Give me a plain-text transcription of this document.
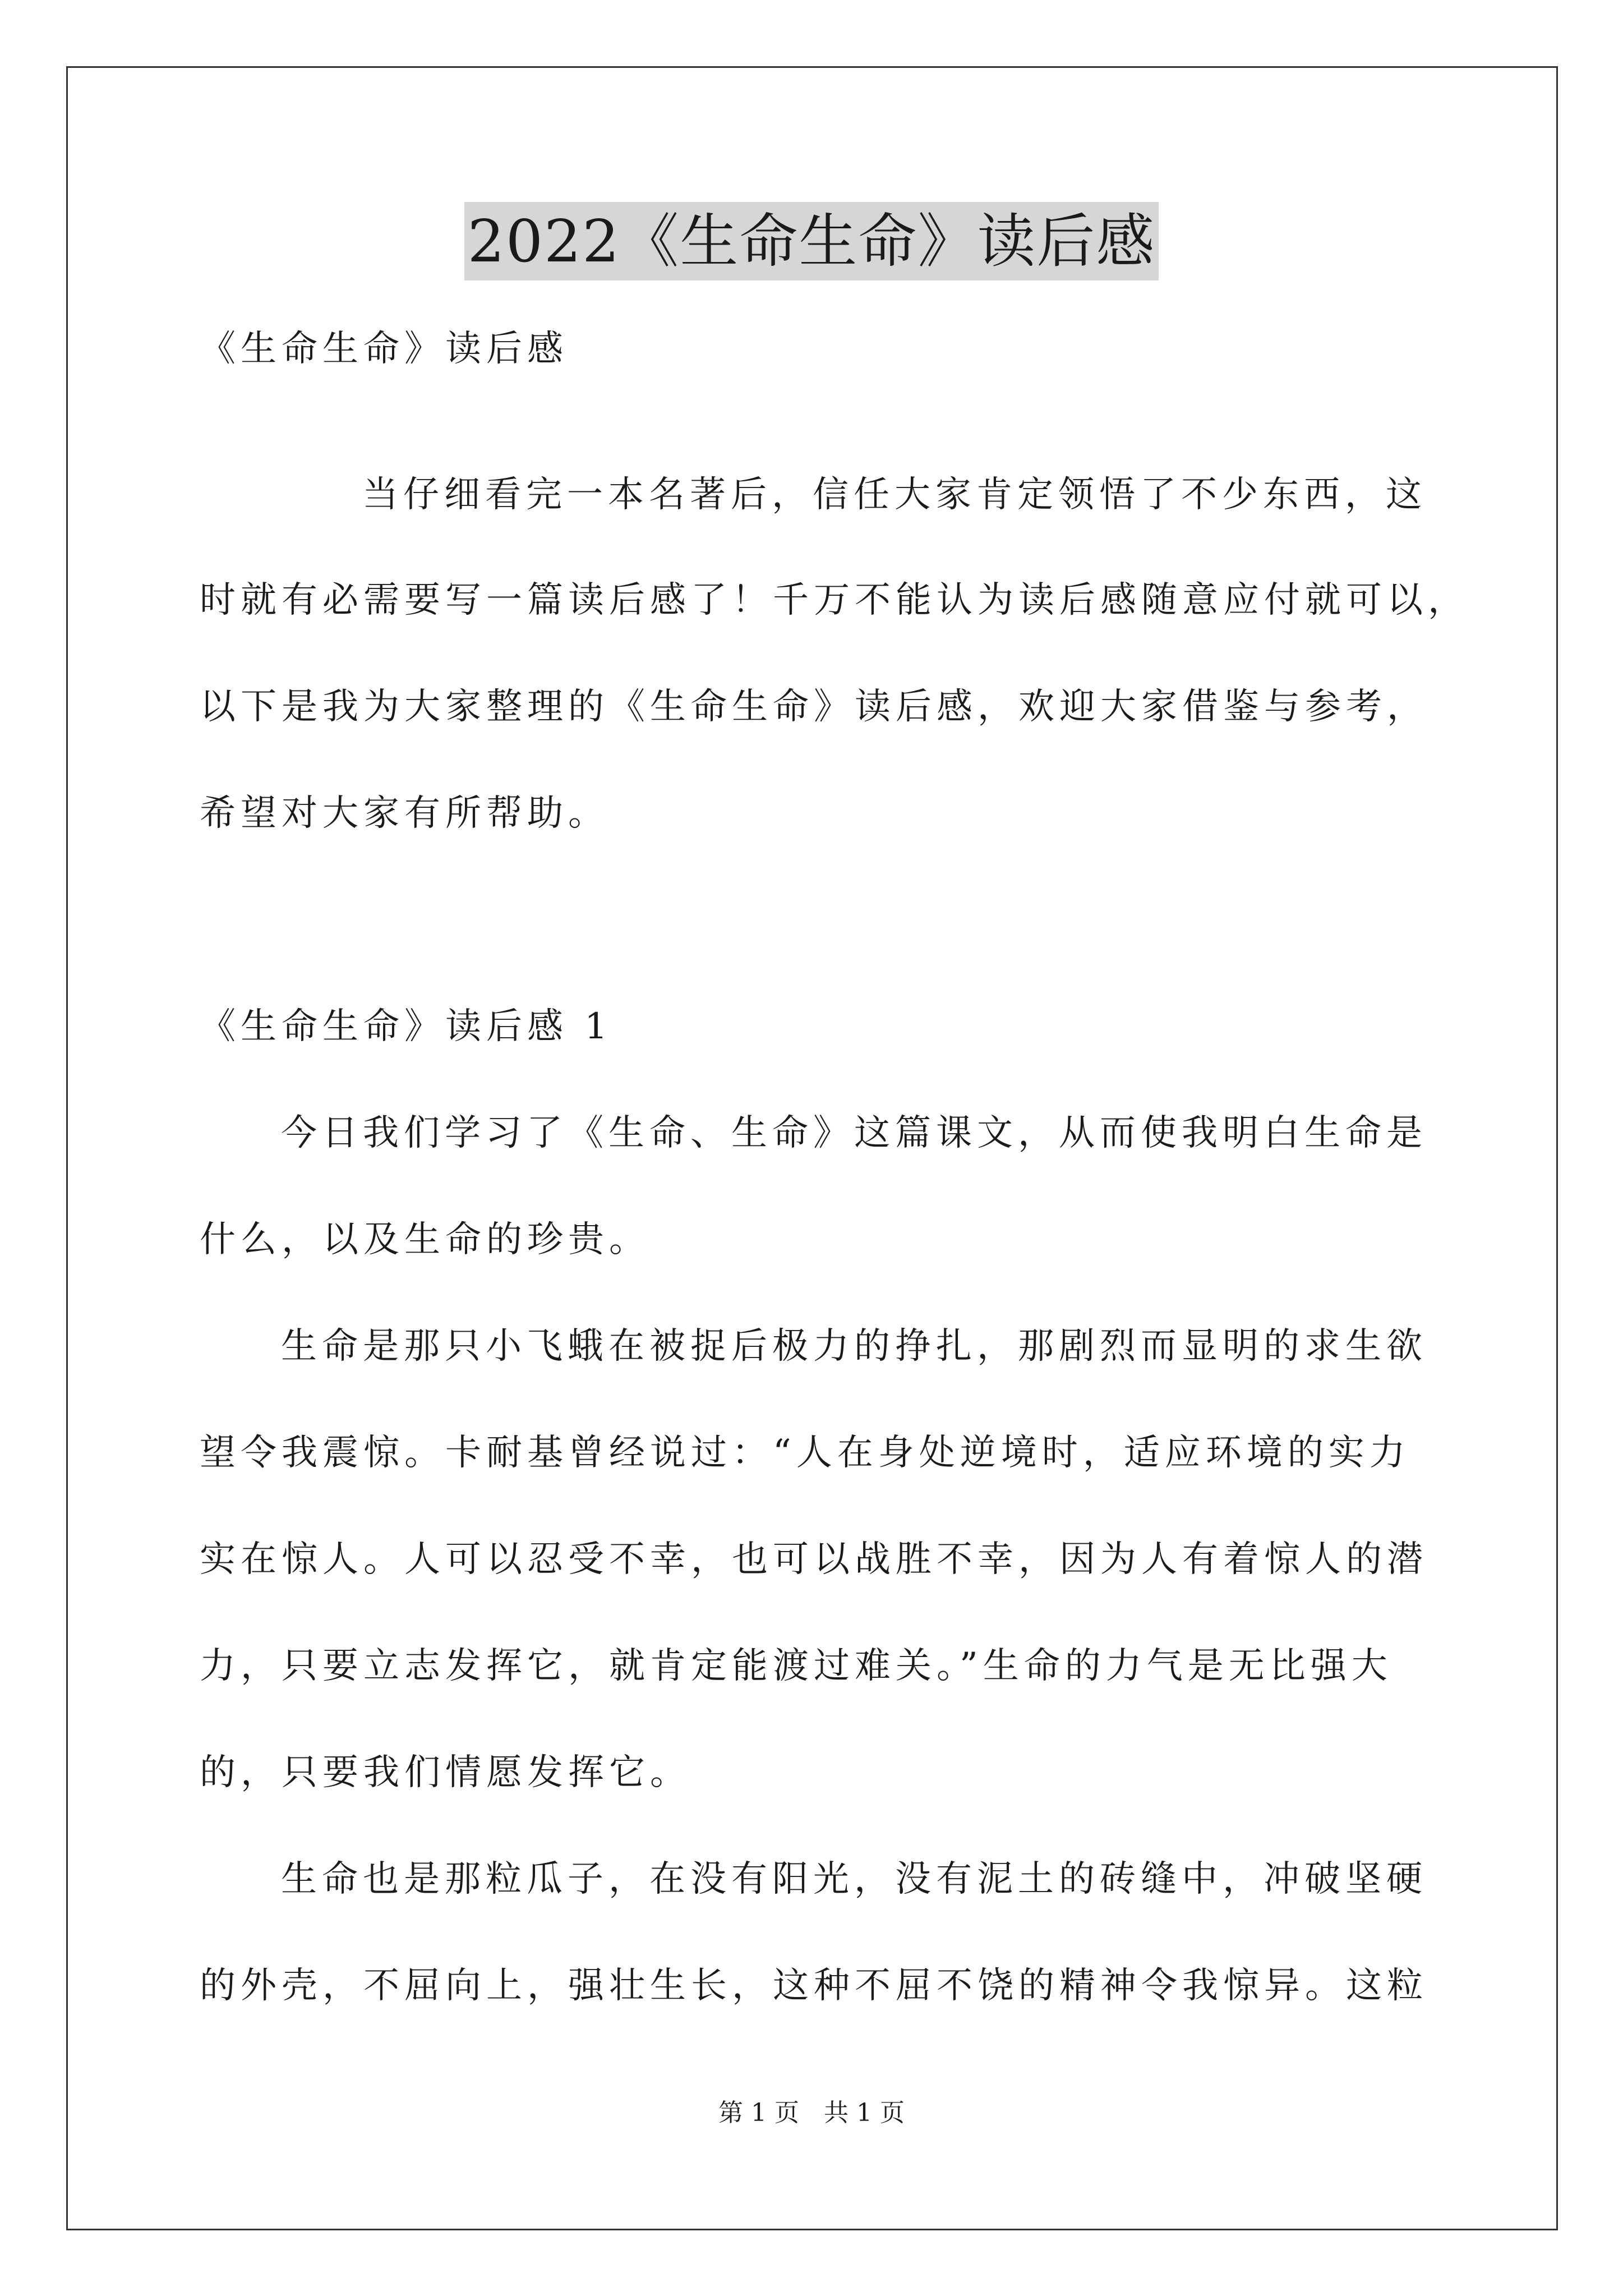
2022《生命生命》读后感
《生命生命》读后感
当仔细看完一本名著后，信任大家肯定领悟了不少东西，这
时就有必需要写一篇读后感了！千万不能认为读后感随意应付就可以，
以下是我为大家整理的《生命生命》读后感，欢迎大家借鉴与参考，
希望对大家有所帮助。
《生命生命》读后感 1
今日我们学习了《生命、生命》这篇课文，从而使我明白生命是
什么，以及生命的珍贵。
生命是那只小飞蛾在被捉后极力的挣扎，那剧烈而显明的求生欲
望令我震惊。卡耐基曾经说过：“人在身处逆境时，适应环境的实力
实在惊人。人可以忍受不幸，也可以战胜不幸，因为人有着惊人的潜
力，只要立志发挥它，就肯定能渡过难关。”生命的力气是无比强大
的，只要我们情愿发挥它。
生命也是那粒瓜子，在没有阳光，没有泥土的砖缝中，冲破坚硬
的外壳，不屈向上，强壮生长，这种不屈不饶的精神令我惊异。这粒
第 1 页　共 1 页
